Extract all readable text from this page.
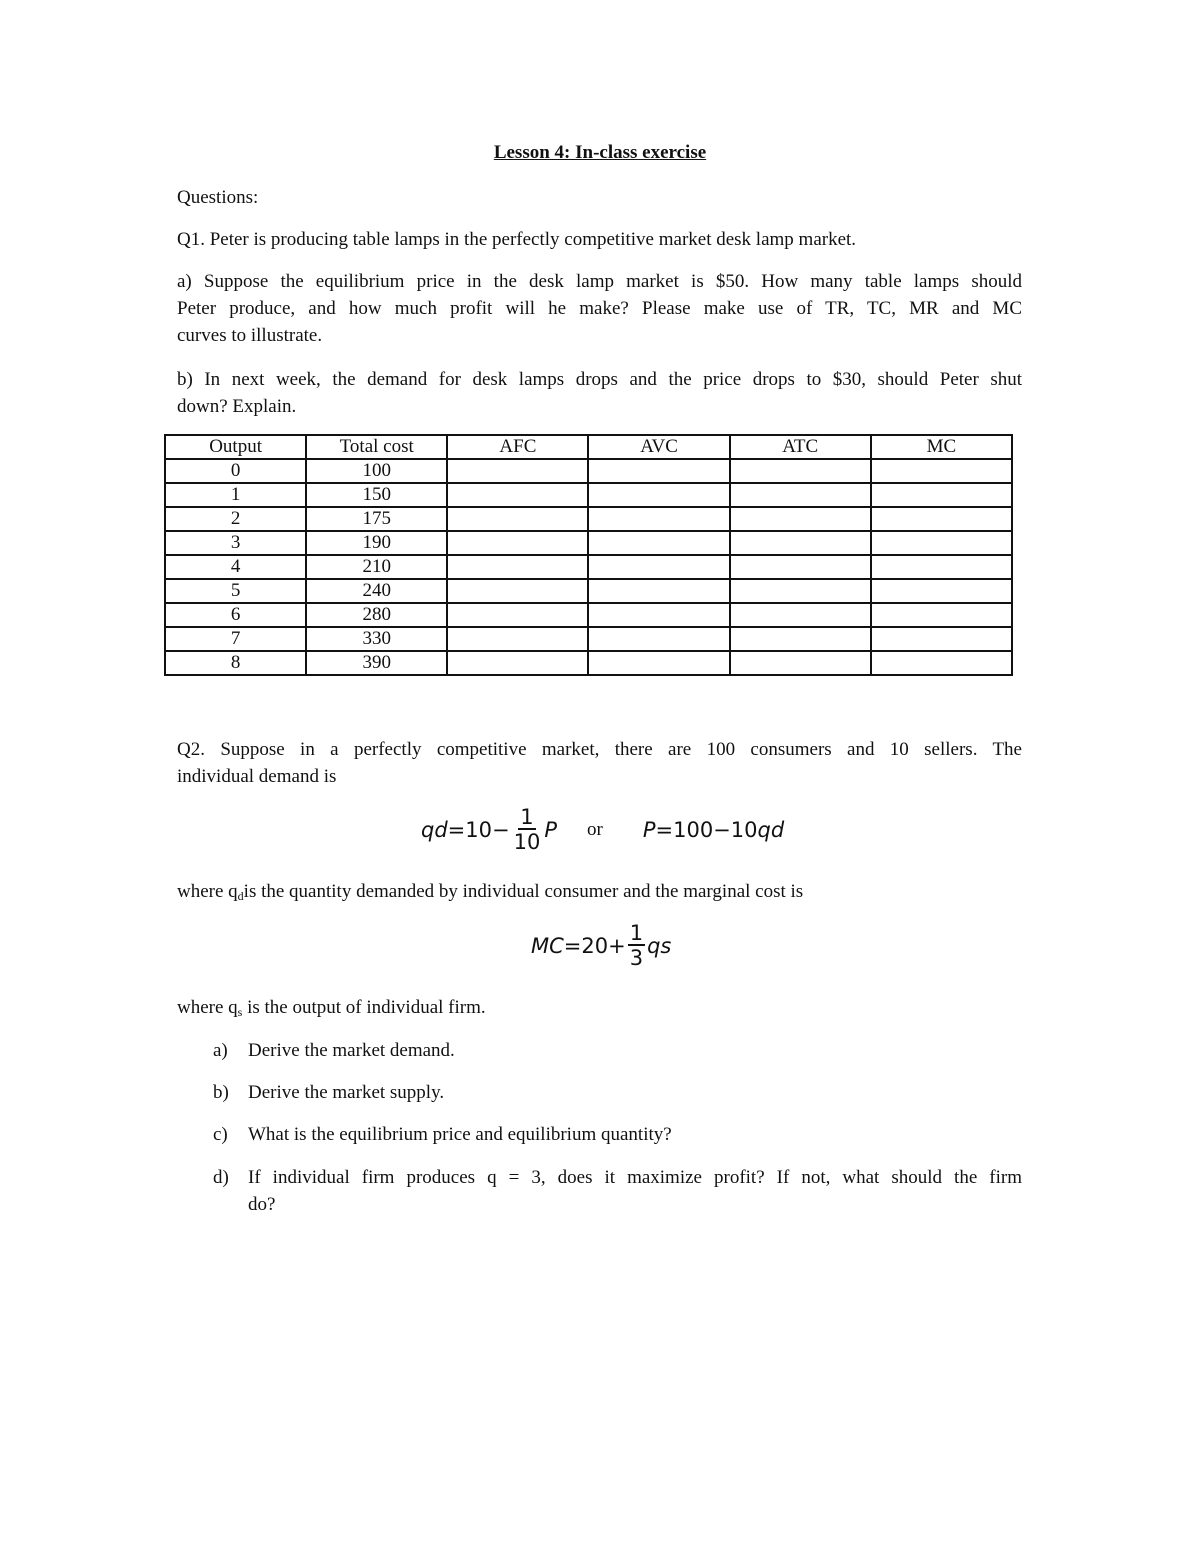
Lesson 4: In-class exercise
Questions:
Q1. Peter is producing table lamps in the perfectly competitive market desk lamp market.
a) Suppose the equilibrium price in the desk lamp market is $50. How many table lamps should
Peter produce, and how much profit will he make? Please make use of TR, TC, MR and MC
curves to illustrate.
b) In next week, the demand for desk lamps drops and the price drops to $30, should Peter shut
down? Explain.
Output	Total cost	AFC	AVC	ATC	MC
0	100				
1	150				
2	175				
3	190				
4	210				
5	240				
6	280				
7	330				
8	390				
Q2. Suppose in a perfectly competitive market, there are 100 consumers and 10 sellers. The
individual demand is
qd $=10- \frac{1}{10}$ P or P =100−10 qd
where $q_dis$ the quantity demanded by individual consumer and the marginal cost is
MC $=20+ \frac{1}{3}$ qs
where $q_s$ is the output of individual firm.
a) Derive the market demand.
b) Derive the market supply.
c) What is the equilibrium price and equilibrium quantity?
d) If individual firm produces q = 3, does it maximize profit? If not, what should the firm
do?
